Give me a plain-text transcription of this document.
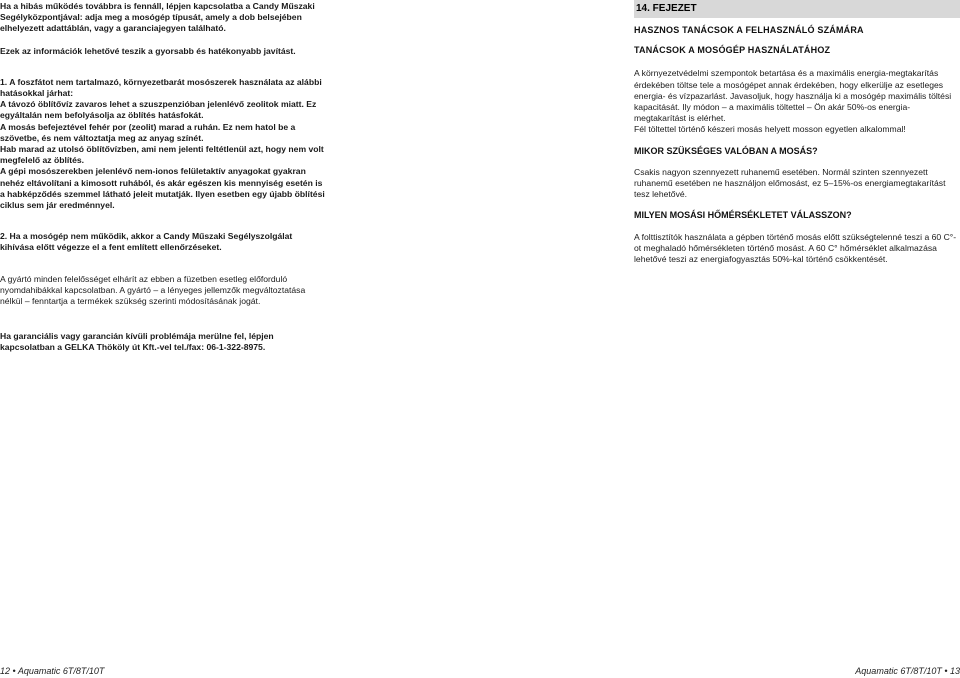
Ha a hibás működés továbbra is fennáll, lépjen kapcsolatba a Candy Műszaki Segélyközpontjával: adja meg a mosógép típusát, amely a dob belsejében elhelyezett adattáblán, vagy a garanciajegyen található.

Ezek az információk lehetővé teszik a gyorsabb és hatékonyabb javítást.

1. A foszfátot nem tartalmazó, környezetbarát mosószerek használata az alábbi hatásokkal járhat:

A távozó öblítővíz zavaros lehet a szuszpenzióban jelenlévő zeolitok miatt. Ez egyáltalán nem befolyásolja az öblítés hatásfokát.

A mosás befejeztével fehér por (zeolit) marad a ruhán. Ez nem hatol be a szövetbe, és nem változtatja meg az anyag színét.

Hab marad az utolsó öblítővízben, ami nem jelenti feltétlenül azt, hogy nem volt megfelelő az öblítés.

A gépi mosószerekben jelenlévő nem-ionos felületaktív anyagokat gyakran nehéz eltávolítani a kimosott ruhából, és akár egészen kis mennyiség esetén is a habképződés szemmel látható jeleit mutatják. Ilyen esetben egy újabb öblítési ciklus sem jár eredménnyel.

2. Ha a mosógép nem működik, akkor a Candy Műszaki Segélyszolgálat kihívása előtt végezze el a fent említett ellenőrzéseket.

A gyártó minden felelősséget elhárít az ebben a füzetben esetleg előforduló nyomdahibákkal kapcsolatban. A gyártó – a lényeges jellemzők megváltoztatása nélkül – fenntartja a termékek szükség szerinti módosításának jogát.

Ha garanciális vagy garancián kívüli problémája merülne fel, lépjen kapcsolatban a GELKA Thököly út Kft.-vel tel./fax: 06-1-322-8975.

14. FEJEZET
HASZNOS TANÁCSOK A FELHASZNÁLÓ SZÁMÁRA
TANÁCSOK A MOSÓGÉP HASZNÁLATÁHOZ

A környezetvédelmi szempontok betartása és a maximális energia-megtakarítás érdekében töltse tele a mosógépet annak érdekében, hogy elkerülje az esetleges energia- és vízpazarlást. Javasoljuk, hogy használja ki a mosógép maximális töltési kapacitását. Ily módon – a maximális töltettel – Ön akár 50%-os energia-megtakarítást is elérhet.

Fél töltettel történő készeri mosás helyett mosson egyetlen alkalommal!

MIKOR SZÜKSÉGES VALÓBAN A MOSÁS?

Csakis nagyon szennyezett ruhanemű esetében. Normál szinten szennyezett ruhanemű esetében ne használjon előmosást, ez 5–15%-os energiamegtakarítást tesz lehetővé.

MILYEN MOSÁSI HŐMÉRSÉKLETET VÁLASSZON?

A folttisztítók használata a gépben történő mosás előtt szükségtelenné teszi a 60 C°-ot meghaladó hőmérsékleten történő mosást. A 60 C° hőmérséklet alkalmazása lehetővé teszi az energiafogyasztás 50%-kal történő csökkentését.

12 • Aquamatic 6T/8T/10T	Aquamatic 6T/8T/10T • 13
